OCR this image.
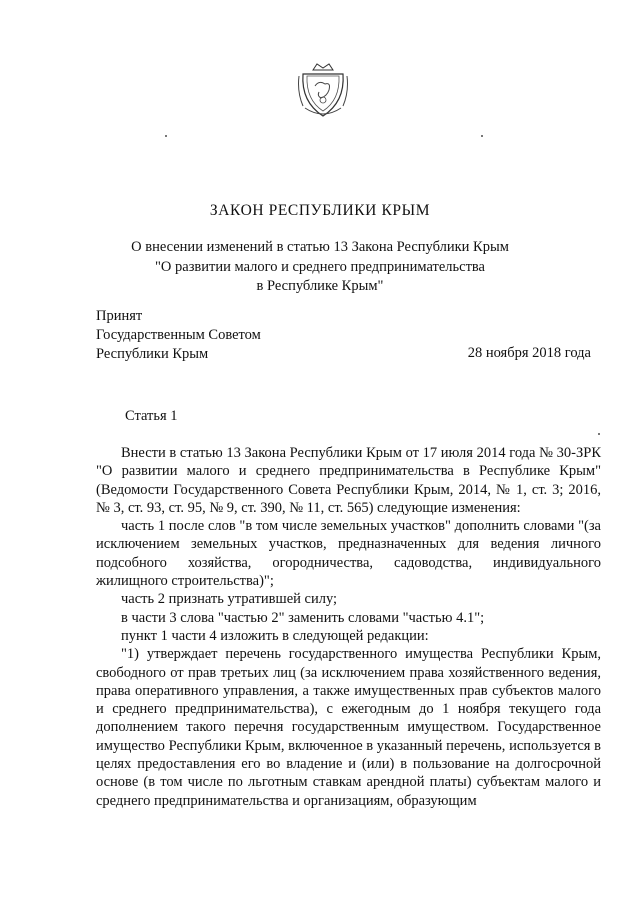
ЗАКОН РЕСПУБЛИКИ КРЫМ
О внесении изменений в статью 13 Закона Республики Крым
"О развитии малого и среднего предпринимательства
в Республике Крым"
Принят
Государственным Советом
Республики Крым	28 ноября 2018 года
Статья 1

Внести в статью 13 Закона Республики Крым от 17 июля 2014 года № 30-ЗРК "О развитии малого и среднего предпринимательства в Республике Крым" (Ведомости Государственного Совета Республики Крым, 2014, № 1, ст. 3; 2016, № 3, ст. 93, ст. 95, № 9, ст. 390, № 11, ст. 565) следующие изменения:

часть 1 после слов "в том числе земельных участков" дополнить словами "(за исключением земельных участков, предназначенных для ведения личного подсобного хозяйства, огородничества, садоводства, индивидуального жилищного строительства)";

часть 2 признать утратившей силу;

в части 3 слова "частью 2" заменить словами "частью 4.1";

пункт 1 части 4 изложить в следующей редакции:

"1) утверждает перечень государственного имущества Республики Крым, свободного от прав третьих лиц (за исключением права хозяйственного ведения, права оперативного управления, а также имущественных прав субъектов малого и среднего предпринимательства), с ежегодным до 1 ноября текущего года дополнением такого перечня государственным имуществом. Государственное имущество Республики Крым, включенное в указанный перечень, используется в целях предоставления его во владение и (или) в пользование на долгосрочной основе (в том числе по льготным ставкам арендной платы) субъектам малого и среднего предпринимательства и организациям, образующим
